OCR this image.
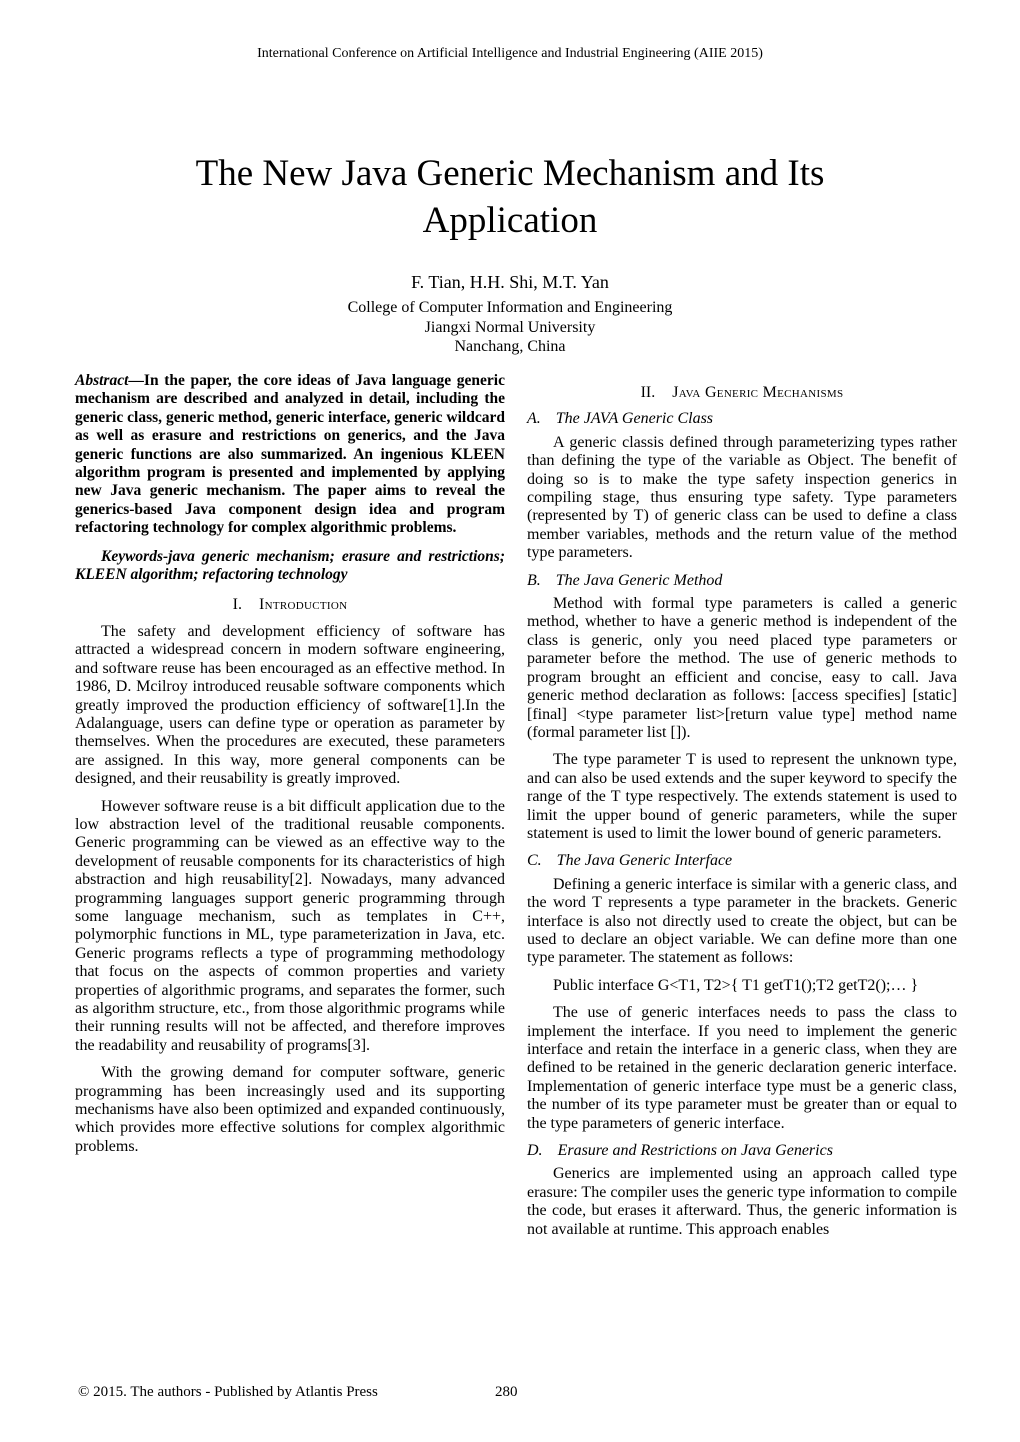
International Conference on Artificial Intelligence and Industrial Engineering (AIIE 2015)
The New Java Generic Mechanism and Its Application
F. Tian, H.H. Shi, M.T. Yan
College of Computer Information and Engineering
Jiangxi Normal University
Nanchang, China

Abstract—In the paper, the core ideas of Java language generic mechanism are described and analyzed in detail, including the generic class, generic method, generic interface, generic wildcard as well as erasure and restrictions on generics, and the Java generic functions are also summarized. An ingenious KLEEN algorithm program is presented and implemented by applying new Java generic mechanism. The paper aims to reveal the generics-based Java component design idea and program refactoring technology for complex algorithmic problems.

Keywords-java generic mechanism; erasure and restrictions; KLEEN algorithm; refactoring technology

I. Introduction

The safety and development efficiency of software has attracted a widespread concern in modern software engineering, and software reuse has been encouraged as an effective method. In 1986, D. Mcilroy introduced reusable software components which greatly improved the production efficiency of software[1].In the Adalanguage, users can define type or operation as parameter by themselves. When the procedures are executed, these parameters are assigned. In this way, more general components can be designed, and their reusability is greatly improved.

However software reuse is a bit difficult application due to the low abstraction level of the traditional reusable components. Generic programming can be viewed as an effective way to the development of reusable components for its characteristics of high abstraction and high reusability[2]. Nowadays, many advanced programming languages support generic programming through some language mechanism, such as templates in C++, polymorphic functions in ML, type parameterization in Java, etc. Generic programs reflects a type of programming methodology that focus on the aspects of common properties and variety properties of algorithmic programs, and separates the former, such as algorithm structure, etc., from those algorithmic programs while their running results will not be affected, and therefore improves the readability and reusability of programs[3].

With the growing demand for computer software, generic programming has been increasingly used and its supporting mechanisms have also been optimized and expanded continuously, which provides more effective solutions for complex algorithmic problems.

II. Java Generic Mechanisms
A. The JAVA Generic Class

A generic classis defined through parameterizing types rather than defining the type of the variable as Object. The benefit of doing so is to make the type safety inspection generics in compiling stage, thus ensuring type safety. Type parameters (represented by T) of generic class can be used to define a class member variables, methods and the return value of the method type parameters.

B. The Java Generic Method

Method with formal type parameters is called a generic method, whether to have a generic method is independent of the class is generic, only you need placed type parameters or parameter before the method. The use of generic methods to program brought an efficient and concise, easy to call. Java generic method declaration as follows: [access specifies] [static] [final] <type parameter list>[return value type] method name (formal parameter list []).

The type parameter T is used to represent the unknown type, and can also be used extends and the super keyword to specify the range of the T type respectively. The extends statement is used to limit the upper bound of generic parameters, while the super statement is used to limit the lower bound of generic parameters.

C. The Java Generic Interface

Defining a generic interface is similar with a generic class, and the word T represents a type parameter in the brackets. Generic interface is also not directly used to create the object, but can be used to declare an object variable. We can define more than one type parameter. The statement as follows:

Public interface G<T1, T2>{ T1 getT1();T2 getT2();… }

The use of generic interfaces needs to pass the class to implement the interface. If you need to implement the generic interface and retain the interface in a generic class, when they are defined to be retained in the generic declaration generic interface. Implementation of generic interface type must be a generic class, the number of its type parameter must be greater than or equal to the type parameters of generic interface.

D. Erasure and Restrictions on Java Generics

Generics are implemented using an approach called type erasure: The compiler uses the generic type information to compile the code, but erases it afterward. Thus, the generic information is not available at runtime. This approach enables

© 2015. The authors - Published by Atlantis Press	280
